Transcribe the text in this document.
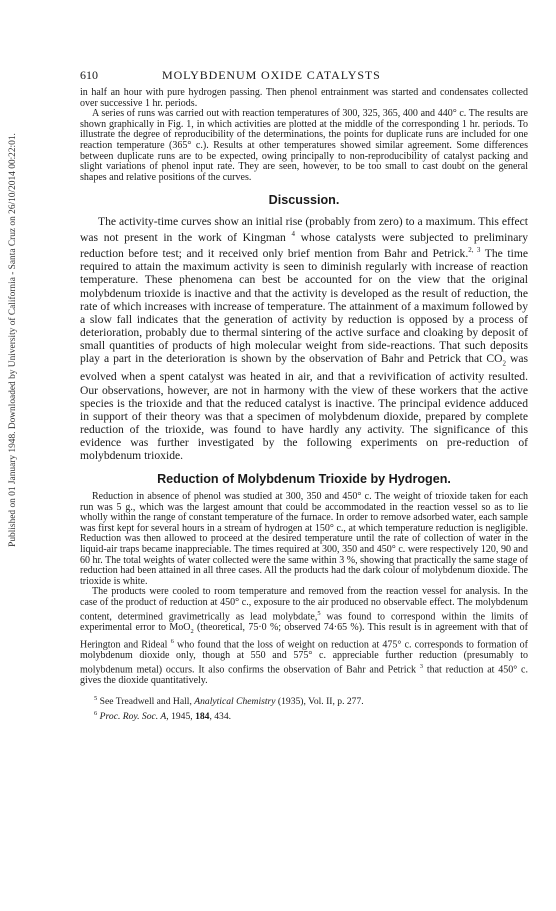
Published on 01 January 1948. Downloaded by University of California - Santa Cruz on 26/10/2014 00:22:01.
610	MOLYBDENUM OXIDE CATALYSTS

in half an hour with pure hydrogen passing. Then phenol entrainment was started and condensates collected over successive 1 hr. periods.

A series of runs was carried out with reaction temperatures of 300, 325, 365, 400 and 440° c. The results are shown graphically in Fig. 1, in which activities are plotted at the middle of the corresponding 1 hr. periods. To illustrate the degree of reproducibility of the determinations, the points for duplicate runs are included for one reaction temperature (365° c.). Results at other temperatures showed similar agreement. Some differences between duplicate runs are to be expected, owing principally to non-reproducibility of catalyst packing and slight variations of phenol input rate. They are seen, however, to be too small to cast doubt on the general shapes and relative positions of the curves.

Discussion.

The activity-time curves show an initial rise (probably from zero) to a maximum. This effect was not present in the work of Kingman $^4$ whose catalysts were subjected to preliminary reduction before test; and it received only brief mention from Bahr and Petrick.$^{2, 3}$ The time required to attain the maximum activity is seen to diminish regularly with increase of reaction temperature. These phenomena can best be accounted for on the view that the original molybdenum trioxide is inactive and that the activity is developed as the result of reduction, the rate of which increases with increase of temperature. The attainment of a maximum followed by a slow fall indicates that the generation of activity by reduction is opposed by a process of deterioration, probably due to thermal sintering of the active surface and cloaking by deposit of small quantities of products of high molecular weight from side-reactions. That such deposits play a part in the deterioration is shown by the observation of Bahr and Petrick that $CO_2$ was evolved when a spent catalyst was heated in air, and that a revivification of activity resulted. Our observations, however, are not in harmony with the view of these workers that the active species is the trioxide and that the reduced catalyst is inactive. The principal evidence adduced in support of their theory was that a specimen of molybdenum dioxide, prepared by complete reduction of the trioxide, was found to have hardly any activity. The significance of this evidence was further investigated by the following experiments on pre-reduction of molybdenum trioxide.

Reduction of Molybdenum Trioxide by Hydrogen.

Reduction in absence of phenol was studied at 300, 350 and 450° c. The weight of trioxide taken for each run was 5 g., which was the largest amount that could be accommodated in the reaction vessel so as to lie wholly within the range of constant temperature of the furnace. In order to remove adsorbed water, each sample was first kept for several hours in a stream of hydrogen at 150° c., at which temperature reduction is negligible. Reduction was then allowed to proceed at the desired temperature until the rate of collection of water in the liquid-air traps became inappreciable. The times required at 300, 350 and 450° c. were respectively 120, 90 and 60 hr. The total weights of water collected were the same within 3 %, showing that practically the same stage of reduction had been attained in all three cases. All the products had the dark colour of molybdenum dioxide. The trioxide is white.

The products were cooled to room temperature and removed from the reaction vessel for analysis. In the case of the product of reduction at 450° c., exposure to the air produced no observable effect. The molybdenum content, determined gravimetrically as lead molybdate,$^5$ was found to correspond within the limits of experimental error to MoO$_2$ (theoretical, 75·0 %; observed 74·65 %). This result is in agreement with that of Herington and Rideal $^6$ who found that the loss of weight on reduction at 475° c. corresponds to formation of molybdenum dioxide only, though at 550 and 575° c. appreciable further reduction (presumably to molybdenum metal) occurs. It also confirms the observation of Bahr and Petrick $^3$ that reduction at 450° c. gives the dioxide quantitatively.

$^5$ See Treadwell and Hall, Analytical Chemistry (1935), Vol. II, p. 277.
$^6$ Proc. Roy. Soc. A, 1945, 184, 434.
